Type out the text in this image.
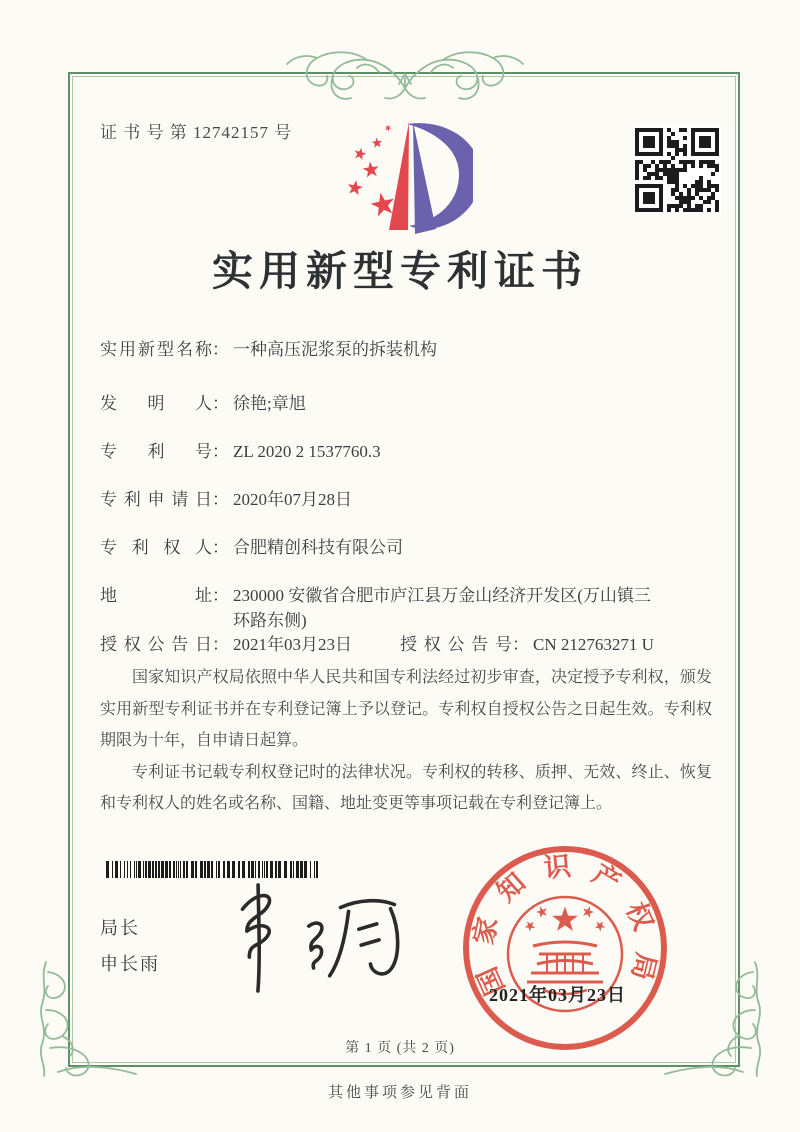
证 书 号 第 12742157 号
实用新型专利证书
实用新型名称 ： 一种高压泥浆泵的拆装机构
发明人 ： 徐艳;章旭
专利号 ： ZL 2020 2 1537760.3
专利申请日 ： 2020年07月28日
专利权人 ： 合肥精创科技有限公司
地址 ： 230000 安徽省合肥市庐江县万金山经济开发区(万山镇三环路东侧)
授权公告日 ： 2021年03月23日	授权公告号 ： CN 212763271 U

国家知识产权局依照中华人民共和国专利法经过初步审查，决定授予专利权，颁发实用新型专利证书并在专利登记簿上予以登记。专利权自授权公告之日起生效。专利权期限为十年，自申请日起算。

专利证书记载专利权登记时的法律状况。专利权的转移、质押、无效、终止、恢复和专利权人的姓名或名称、国籍、地址变更等事项记载在专利登记簿上。

局长
申长雨	国家知识产权局
2021年03月23日
第 1 页 (共 2 页)
其他事项参见背面
